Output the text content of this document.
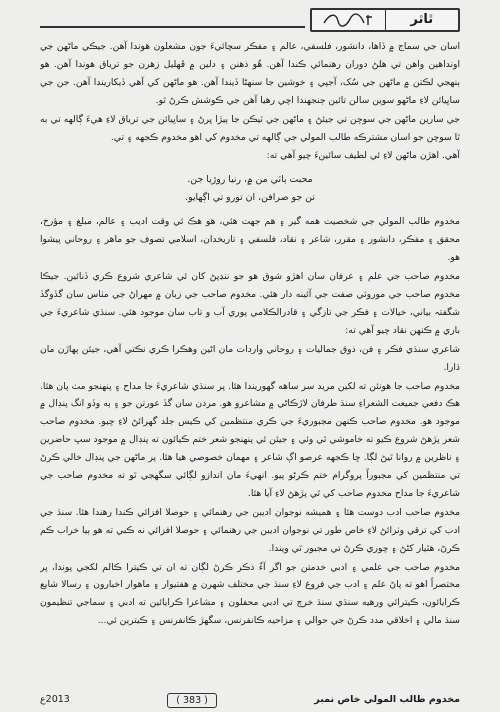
ٿاثر

اسان جي سماج ۾ ڏاها، دانشور، فلسفي، عالم ۽ مفڪر سچائيءَ جون مشعلون هوندا آهن. جيڪي ماڻهن جي اونداهين واهن تي هلڻ دوران رهنمائي ڪندا آهن. هُو ذهنن ۽ دلين ۾ ڦهليل زهرن جو ترياق هوندا آهن. هو ٻنهجي لڪتن ۾ ماڻهن جي سُک، آجپي ۽ خوشين جا سنهڻا ڏيندا آهن. هو ماڻهن کي آهي ڏيکاريندا آهن. جن جي ساڀيائن لاءِ ماڻهو سوين سالن تائين ڄنجهندا اچي رهيا آهن جي ڪوشش ڪرڻ ٿو.

جي سارين ماڻهن جي سوچن تي جيئڻ ۽ ماڻهن جي ٽيڪن جا ٻيڙا ڀرڻ ۽ ساڀيائن جي ترياق لاءِ هيءَ ڳالهه تي به ٿا سوچن جو اسان مشترڪه طالب المولي جي ڳالهه تي مخدوم کي اهو مخدوم ڪجهه ۽ تي.

آهي. اهڙن ماڻهن لاءِ ئي لطيف سائينءَ چيو آهي ته:

محبت ٻاٽي من ۾، رنيا روڙيا جن.
تن جو صرافن، ان تورو تي اڳهايو.

مخدوم طالب المولي جي شخصيت همه گير ۽ هم جهت هئي، هو هڪ ئي وقت اديب ۽ عالم، مبلغ ۽ مؤرخ، محقق ۽ مفڪر، دانشور ۽ مقرر، شاعر ۽ نقاد، فلسفي ۽ تاريخدان، اسلامي تصوف جو ماهر ۽ روحاني پيشوا هو.

مخدوم صاحب جي علم ۽ عرفان سان اهڙو شوق هو جو ننڍپڻ کان ئي شاعري شروع ڪري ڏنائين. جيڪا مخدوم صاحب جي موروثي صفت جي آئينه دار هئي. مخدوم صاحب جي زبان ۾ مهراڻ جي مٺاس سان گڏوگڏ شگفتہ بياني، خيالات ۽ فڪر جي تازگي ۽ قادرالڪلامي پوري آب و تاب سان موجود هئي. سنڌي شاعريءَ جي باري ۾ ڪنهن نقاد چيو آهي ته:

شاعري سنڌي فڪر ۽ فن، ذوق جماليات ۽ روحاني واردات مان اڻين وهڪرا ڪري نڪتي آهي، جيئن پهاڙن مان ڌارا.

مخدوم صاحب جا هونئن ته لکين مريد سر ساهه گهوريندا هئا. پر سنڌي شاعريءَ جا مداح ۽ پنهنجو مٺ پان هئا. هڪ دفعي جميعت الشعراءِ سنڌ طرفان لاڙڪاڻي ۾ مشاعرو هو. مردن سان گڏ عورتن جو ۽ ٻه وڏو انگ پنڊال ۾ موجود هو. مخدوم صاحب ڪنهن مجبوريءَ جي ڪري منتظمين کي ڪيس جلد گهرائڻ لاءِ چيو. مخدوم صاحب شعر پڙهڻ شروع ڪيو ته خاموشي ٿي وئي ۽ جيئن ئي پنهنجو شعر ختم ڪيائون ته پنڊال ۾ موجود سڀ حاضرين ۽ ناظرين ۾ روانا ٿيڻ لڳا. ڇا ڪجهه عرصو اڳ شاعر ۽ مهمان خصوصي هيا هئا. پر ماڻهن جي پنڊال خالي ڪرڻ تي منتظمين کي مجبوراً پروگرام ختم ڪرڻو پيو. انهيءَ مان اندازو لڳائي سگهجي ٿو ته مخدوم صاحب جي شاعريءَ جا مداح مخدوم صاحب کي ٿي پڙهڻ لاءِ آيا هئا.

مخدوم صاحب ادب دوست هئا ۽ هميشه نوجوان اديبن جي رهنمائي ۽ حوصلا افزائي ڪندا رهندا هئا. سنڌ جي ادب کي ترقي وٺرائڻ لاءِ خاص طور تي نوجوان اديبن جي رهنمائي ۽ حوصلا افزائي نه ڪبي ته هو ٻيا خراب ڪم ڪرڻ، هٿيار کڻڻ ۽ چوري ڪرڻ تي مجبور ٿي ويندا.

مخدوم صاحب جي علمي ۽ ادبي خدمتن جو اگر آءٌ ذڪر ڪرڻ لڳان ته ان تي ڪيترا ڪالم لکجي پوندا، پر مختصراً اهو ته پاڻ علم ۽ ادب جي فروغ لاءِ سنڌ جي مختلف شهرن ۾ هفتيوار ۽ ماهوار اخبارون ۽ رسالا شايع ڪرايائون، ڪيترائي ورهيه سنڌي سنڌ خرچ تي ادبي محفلون ۽ مشاعرا ڪرايائين ته ادبي ۽ سماجي تنظيمون سنڌ مالي ۽ اخلاقي مدد ڪرڻ جي حوالي ۽ مزاحيه ڪانفرنس، سگهڙ ڪانفرنس ۽ ڪيترين ئي...

2013ع	( 383 )	مخدوم طالب المولي خاص نمبر
